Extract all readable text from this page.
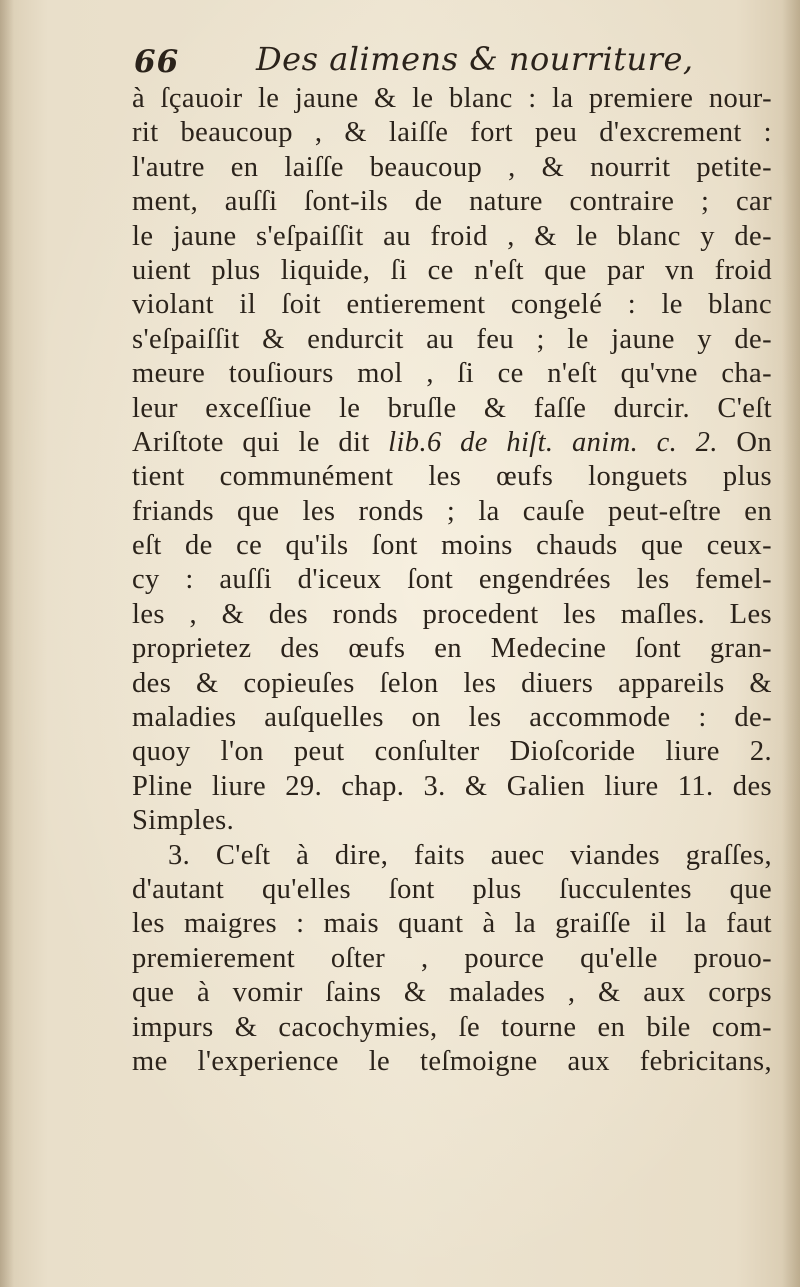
66 Des alimens & nourriture,
à ſçauoir le jaune & le blanc : la premiere nour-
rit beaucoup , & laiſſe fort peu d'excrement :
l'autre en laiſſe beaucoup , & nourrit petite-
ment, auſſi ſont-ils de nature contraire ; car
le jaune s'eſpaiſſit au froid , & le blanc y de-
uient plus liquide, ſi ce n'eſt que par vn froid
violant il ſoit entierement congelé : le blanc
s'eſpaiſſit & endurcit au feu ; le jaune y de-
meure touſiours mol , ſi ce n'eſt qu'vne cha-
leur exceſſiue le bruſle & faſſe durcir. C'eſt
Ariſtote qui le dit lib.6 de hiſt. anim. c. 2. On
tient communément les œufs longuets plus
friands que les ronds ; la cauſe peut-eſtre en
eſt de ce qu'ils ſont moins chauds que ceux-
cy : auſſi d'iceux ſont engendrées les femel-
les , & des ronds procedent les maſles. Les
proprietez des œufs en Medecine ſont gran-
des & copieuſes ſelon les diuers appareils &
maladies auſquelles on les accommode : de-
quoy l'on peut conſulter Dioſcoride liure 2.
Pline liure 29. chap. 3. & Galien liure 11. des
Simples.
3. C'eſt à dire, faits auec viandes graſſes,
d'autant qu'elles ſont plus ſucculentes que
les maigres : mais quant à la graiſſe il la faut
premierement oſter , pource qu'elle prouo-
que à vomir ſains & malades , & aux corps
impurs & cacochymies, ſe tourne en bile com-
me l'experience le teſmoigne aux febricitans,
